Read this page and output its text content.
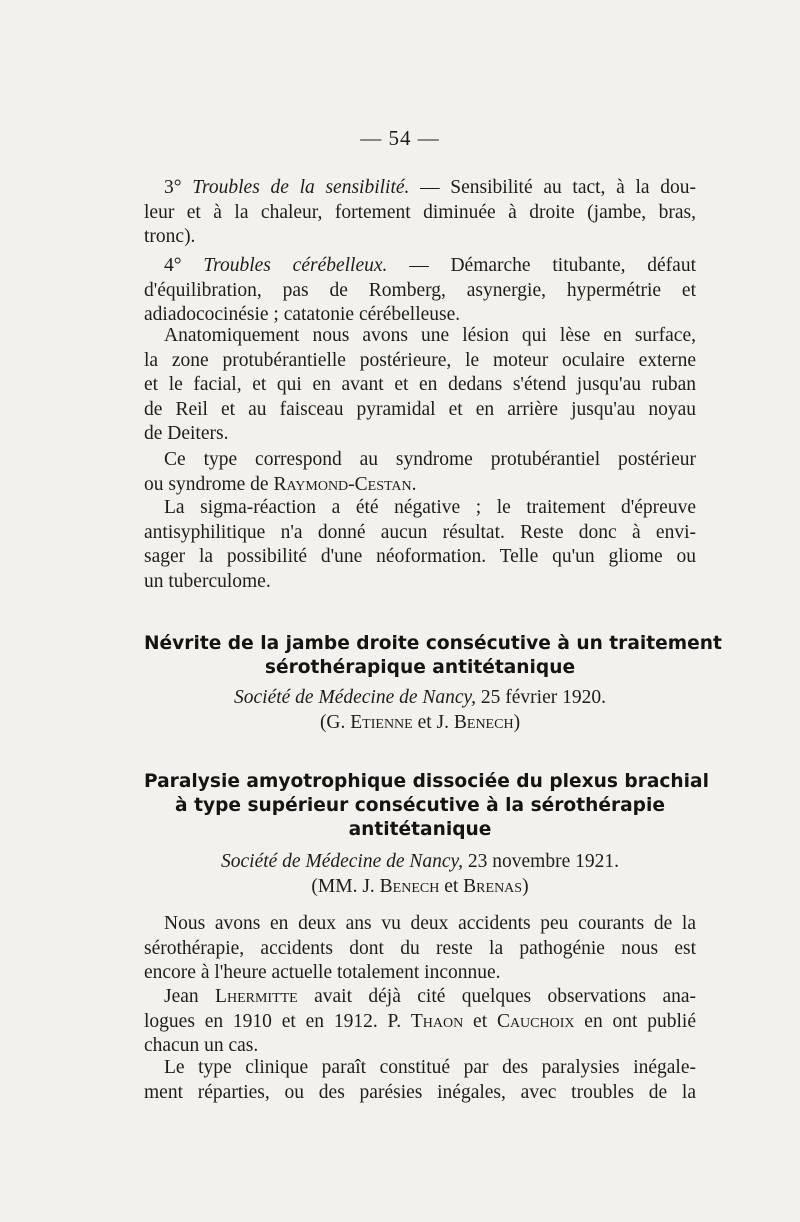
— 54 —
3° Troubles de la sensibilité. — Sensibilité au tact, à la dou-
leur et à la chaleur, fortement diminuée à droite (jambe, bras,
tronc).
4° Troubles cérébelleux. — Démarche titubante, défaut
d'équilibration, pas de Romberg, asynergie, hypermétrie et
adiadococinésie ; catatonie cérébelleuse.
Anatomiquement nous avons une lésion qui lèse en surface,
la zone protubérantielle postérieure, le moteur oculaire externe
et le facial, et qui en avant et en dedans s'étend jusqu'au ruban
de Reil et au faisceau pyramidal et en arrière jusqu'au noyau
de Deiters.
Ce type correspond au syndrome protubérantiel postérieur
ou syndrome de Raymond-Cestan.
La sigma-réaction a été négative ; le traitement d'épreuve
antisyphilitique n'a donné aucun résultat. Reste donc à envi-
sager la possibilité d'une néoformation. Telle qu'un gliome ou
un tuberculome.
Névrite de la jambe droite consécutive à un traitement
sérothérapique antitétanique
Société de Médecine de Nancy, 25 février 1920.
(G. Etienne et J. Benech)
Paralysie amyotrophique dissociée du plexus brachial
à type supérieur consécutive à la sérothérapie
antitétanique
Société de Médecine de Nancy, 23 novembre 1921.
(MM. J. Benech et Brenas)
Nous avons en deux ans vu deux accidents peu courants de la
sérothérapie, accidents dont du reste la pathogénie nous est
encore à l'heure actuelle totalement inconnue.
Jean Lhermitte avait déjà cité quelques observations ana-
logues en 1910 et en 1912. P. Thaon et Cauchoix en ont publié
chacun un cas.
Le type clinique paraît constitué par des paralysies inégale-
ment réparties, ou des parésies inégales, avec troubles de la
